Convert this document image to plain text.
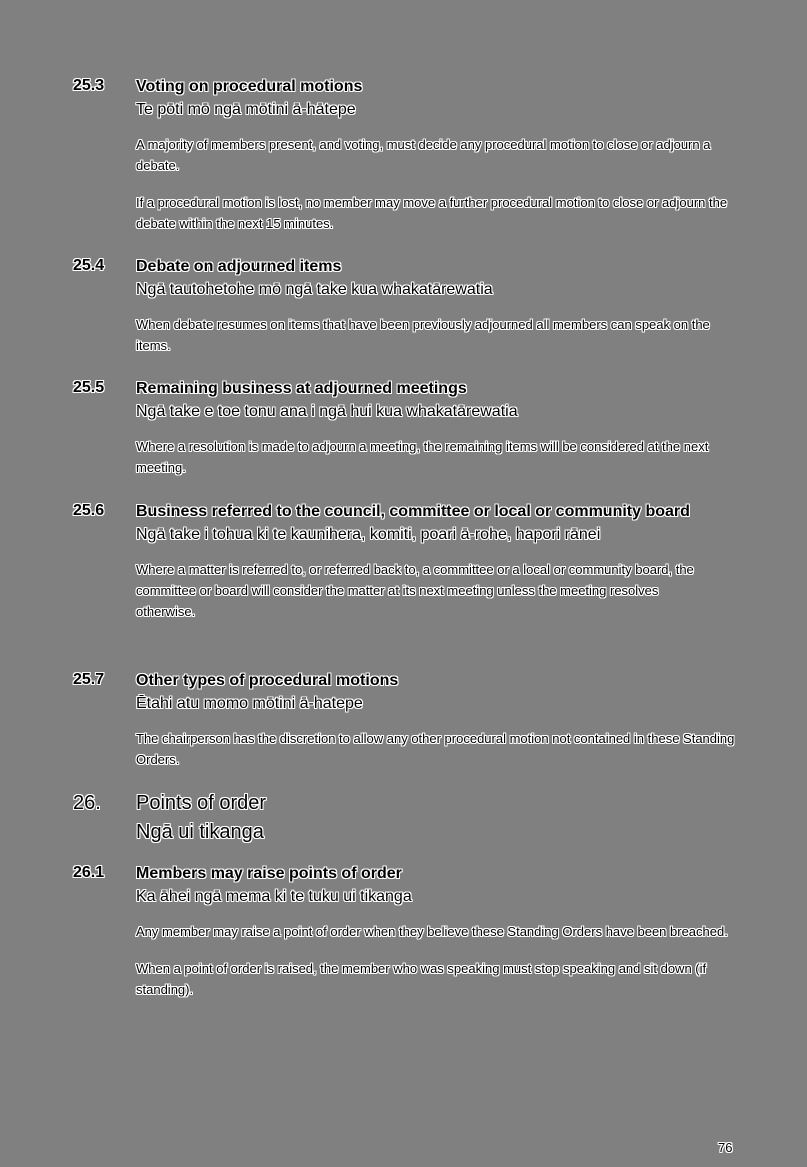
25.3 Voting on procedural motions
Te pōti mō ngā mōtini ā-hātepe
A majority of members present, and voting, must decide any procedural motion to close or adjourn a debate.
If a procedural motion is lost, no member may move a further procedural motion to close or adjourn the debate within the next 15 minutes.
25.4 Debate on adjourned items
Ngā tautohetohe mō ngā take kua whakatārewatia
When debate resumes on items that have been previously adjourned all members can speak on the items.
25.5 Remaining business at adjourned meetings
Ngā take e toe tonu ana i ngā hui kua whakatārewatia
Where a resolution is made to adjourn a meeting, the remaining items will be considered at the next meeting.
25.6 Business referred to the council, committee or local or community board
Ngā take i tohua ki te kaunihera, komiti, poari ā-rohe, hapori rānei
Where a matter is referred to, or referred back to, a committee or a local or community board, the committee or board will consider the matter at its next meeting unless the meeting resolves otherwise.
25.7 Other types of procedural motions
Ētahi atu momo mōtini ā-hatepe
The chairperson has the discretion to allow any other procedural motion not contained in these Standing Orders.
26. Points of order
Ngā ui tikanga
26.1 Members may raise points of order
Ka āhei ngā mema ki te tuku ui tikanga
Any member may raise a point of order when they believe these Standing Orders have been breached.
When a point of order is raised, the member who was speaking must stop speaking and sit down (if standing).
76
